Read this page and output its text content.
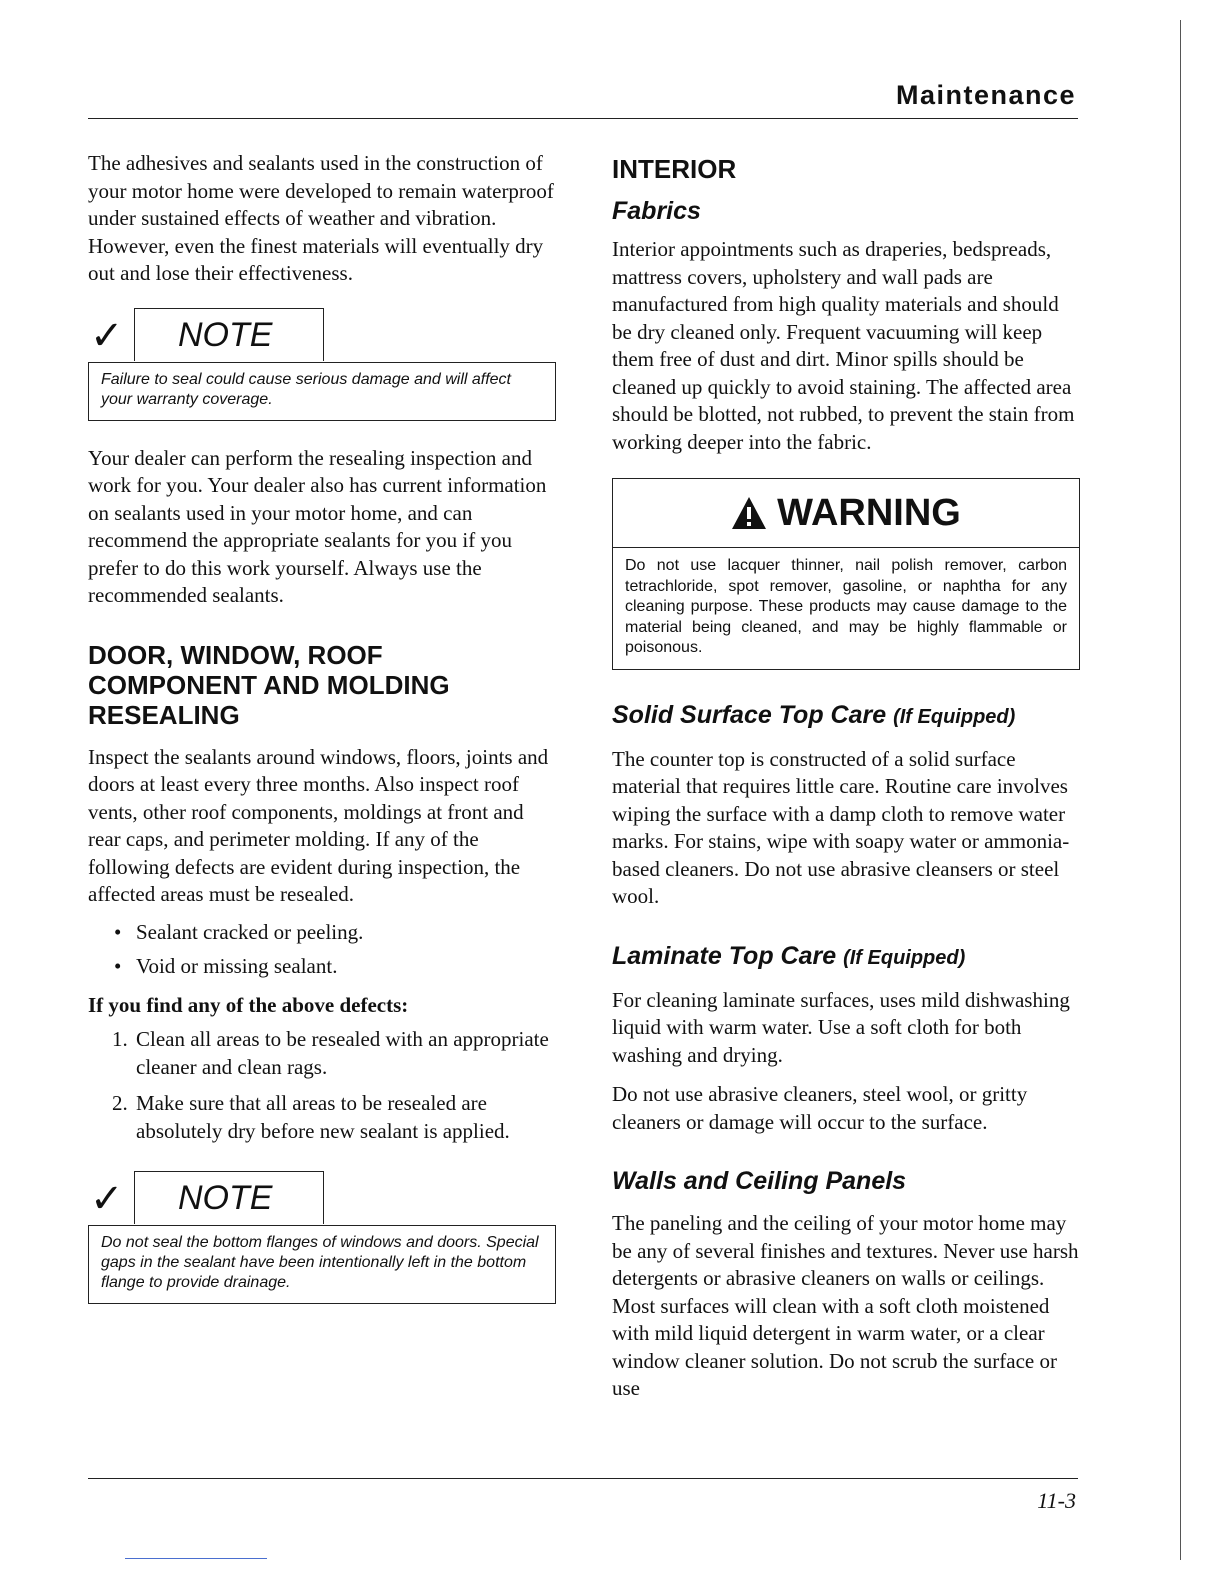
Maintenance

The adhesives and sealants used in the construction of your motor home were developed to remain waterproof under sustained effects of weather and vibration. However, even the finest materials will eventually dry out and lose their effectiveness.

✓ NOTE
Failure to seal could cause serious damage and will affect your warranty coverage.

Your dealer can perform the resealing inspection and work for you. Your dealer also has current information on sealants used in your motor home, and can recommend the appropriate sealants for you if you prefer to do this work yourself. Always use the recommended sealants.

DOOR, WINDOW, ROOF COMPONENT AND MOLDING RESEALING

Inspect the sealants around windows, floors, joints and doors at least every three months. Also inspect roof vents, other roof components, moldings at front and rear caps, and perimeter molding. If any of the following defects are evident during inspection, the affected areas must be resealed.

• Sealant cracked or peeling.
• Void or missing sealant.
If you find any of the above defects:
1. Clean all areas to be resealed with an appropriate cleaner and clean rags.
2. Make sure that all areas to be resealed are absolutely dry before new sealant is applied.
✓ NOTE
Do not seal the bottom flanges of windows and doors. Special gaps in the sealant have been intentionally left in the bottom flange to provide drainage.
INTERIOR
Fabrics

Interior appointments such as draperies, bedspreads, mattress covers, upholstery and wall pads are manufactured from high quality materials and should be dry cleaned only. Frequent vacuuming will keep them free of dust and dirt. Minor spills should be cleaned up quickly to avoid staining. The affected area should be blotted, not rubbed, to prevent the stain from working deeper into the fabric.

WARNING
Do not use lacquer thinner, nail polish remover, carbon tetrachloride, spot remover, gasoline, or naphtha for any cleaning purpose. These products may cause damage to the material being cleaned, and may be highly flammable or poisonous.
Solid Surface Top Care (If Equipped)

The counter top is constructed of a solid surface material that requires little care. Routine care involves wiping the surface with a damp cloth to remove water marks. For stains, wipe with soapy water or ammonia-based cleaners. Do not use abrasive cleansers or steel wool.

Laminate Top Care (If Equipped)

For cleaning laminate surfaces, uses mild dishwashing liquid with warm water. Use a soft cloth for both washing and drying.

Do not use abrasive cleaners, steel wool, or gritty cleaners or damage will occur to the surface.

Walls and Ceiling Panels

The paneling and the ceiling of your motor home may be any of several finishes and textures. Never use harsh detergents or abrasive cleaners on walls or ceilings. Most surfaces will clean with a soft cloth moistened with mild liquid detergent in warm water, or a clear window cleaner solution. Do not scrub the surface or use

11-3
